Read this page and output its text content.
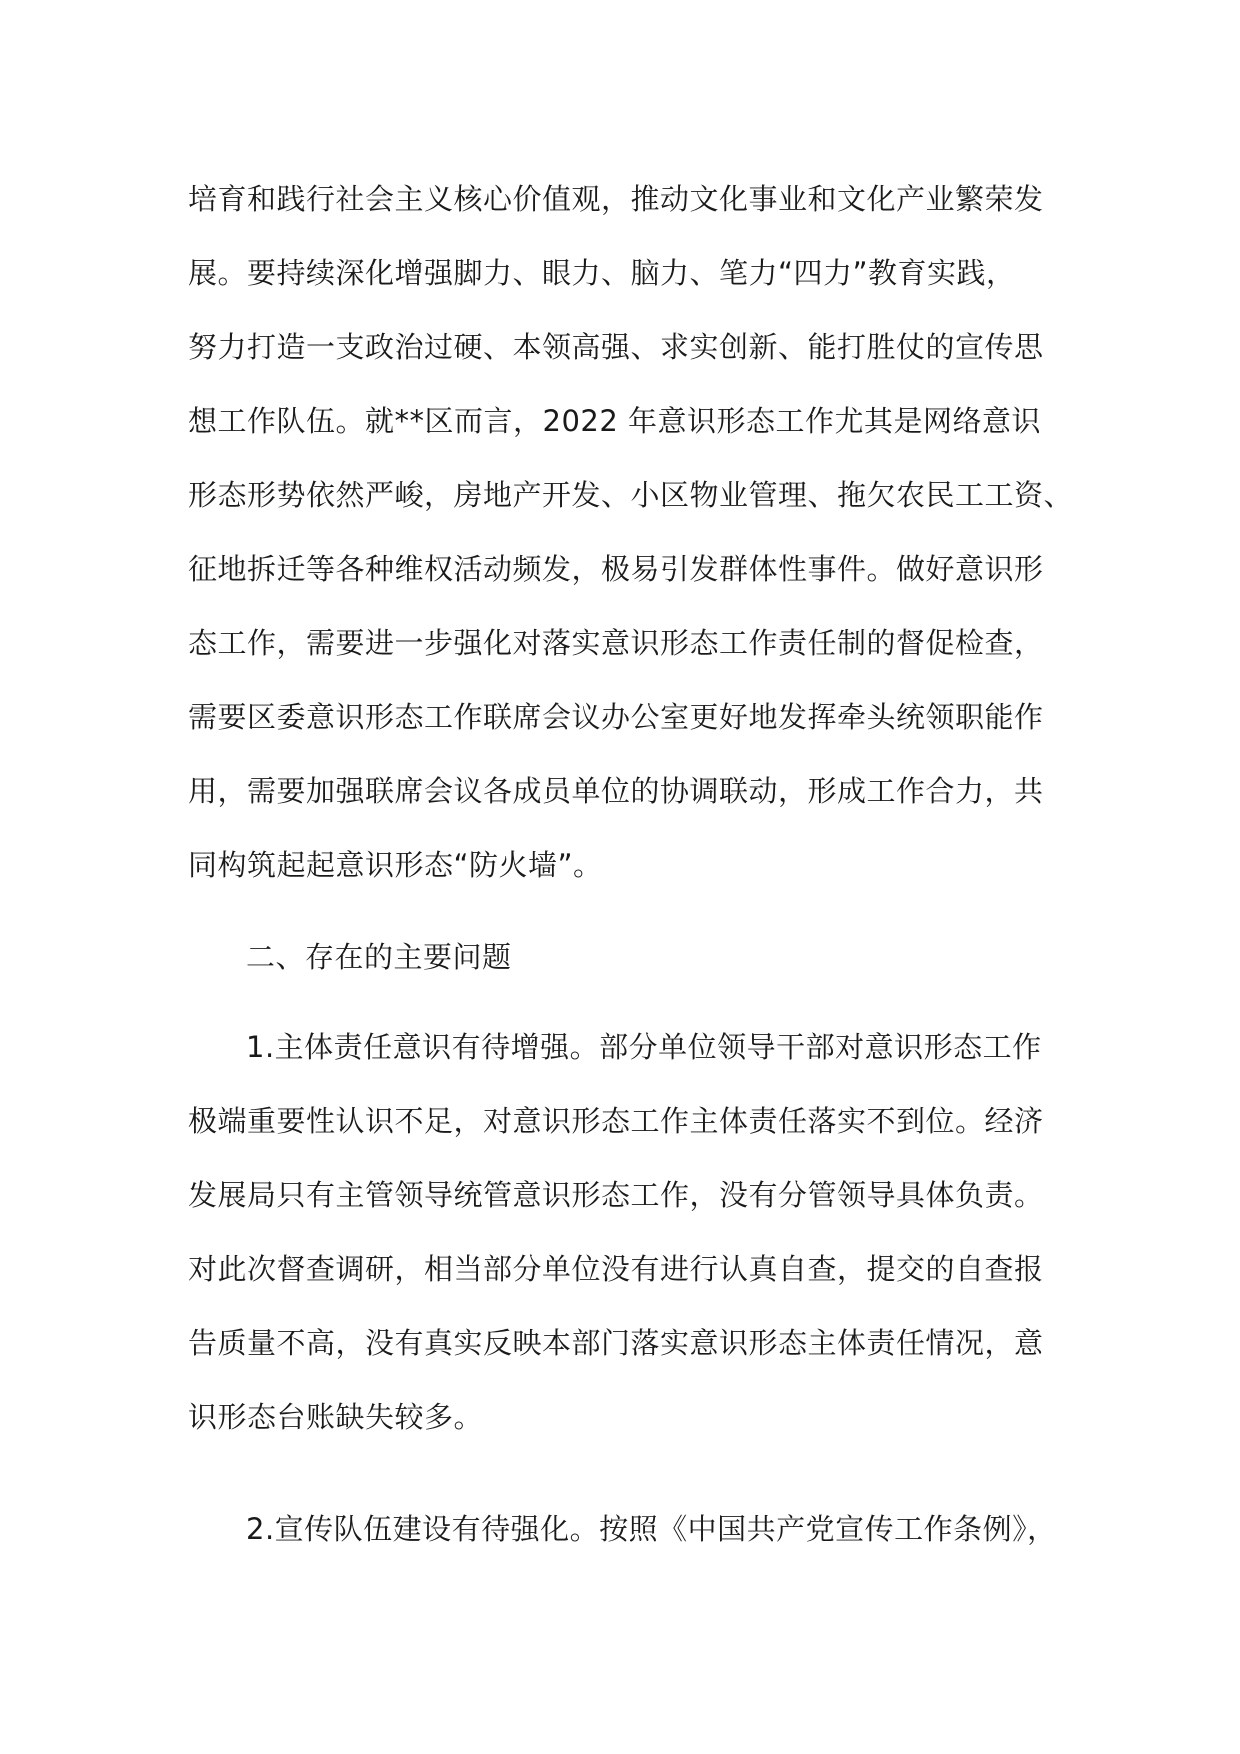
培育和践行社会主义核心价值观，推动文化事业和文化产业繁荣发
展。要持续深化增强脚力、眼力、脑力、笔力“四力”教育实践，
努力打造一支政治过硬、本领高强、求实创新、能打胜仗的宣传思
想工作队伍。就**区而言，2022 年意识形态工作尤其是网络意识
形态形势依然严峻，房地产开发、小区物业管理、拖欠农民工工资、
征地拆迁等各种维权活动频发，极易引发群体性事件。做好意识形
态工作，需要进一步强化对落实意识形态工作责任制的督促检查，
需要区委意识形态工作联席会议办公室更好地发挥牵头统领职能作
用，需要加强联席会议各成员单位的协调联动，形成工作合力，共
同构筑起起意识形态“防火墙”。
二、存在的主要问题
1.主体责任意识有待增强。部分单位领导干部对意识形态工作
极端重要性认识不足，对意识形态工作主体责任落实不到位。经济
发展局只有主管领导统管意识形态工作，没有分管领导具体负责。
对此次督查调研，相当部分单位没有进行认真自查，提交的自查报
告质量不高，没有真实反映本部门落实意识形态主体责任情况，意
识形态台账缺失较多。
2.宣传队伍建设有待强化。按照《中国共产党宣传工作条例》，
